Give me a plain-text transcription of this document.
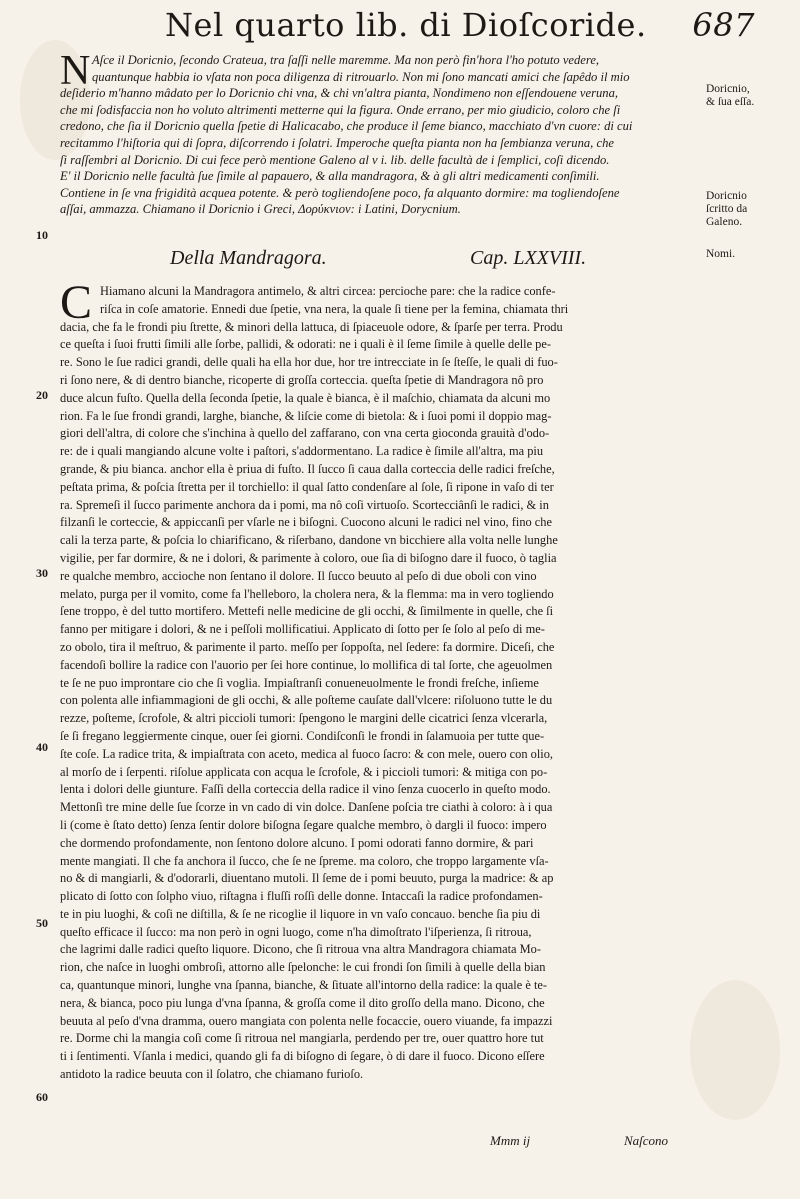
Nel quarto lib. di Dioſcoride. 687
N Aſce il Doricnio, ſecondo Crateua, tra ſaſſi nelle maremme. Ma non però fin'hora l'ho potuto vedere,
quantunque habbia io vſata non poca diligenza di ritrouarlo. Non mi ſono mancati amici che ſapêdo il mio
deſiderio m'hanno mâdato per lo Doricnio chi vna, & chi vn'altra pianta, Nondimeno non eſſendouene veruna,
che mi ſodisfaccia non ho voluto altrimenti metterne qui la figura. Onde errano, per mio giudicio, coloro che ſi
credono, che ſia il Doricnio quella ſpetie di Halicacabo, che produce il ſeme bianco, macchiato d'vn cuore: di cui
recitammo l'hiſtoria qui di ſopra, diſcorrendo i ſolatri. Imperoche queſta pianta non ha ſembianza veruna, che
ſi raſſembri al Doricnio. Di cui fece però mentione Galeno al v i. lib. delle facultà de i ſemplici, coſi dicendo.
E' il Doricnio nelle facultà ſue ſimile al papauero, & alla mandragora, & à gli altri medicamenti conſimili.
Contiene in ſe vna frigidità acquea potente. & però togliendoſene poco, fa alquanto dormire: ma togliendoſene
aſſai, ammazza. Chiamano il Doricnio i Greci, Δορύκνιον: i Latini, Dorycnium.
Doricnio,
& ſua eſſa.
Doricnio
ſcritto da
Galeno.
Nomi.
10
20
30
40
50
60
Della Mandragora.	Cap. LXXVIII.
C Hiamano alcuni la Mandragora antimelo, & altri circea: percioche pare: che la radice confe-
riſca in coſe amatorie. Ennedi due ſpetie, vna nera, la quale ſi tiene per la femina, chiamata thri
dacia, che fa le frondi piu ſtrette, & minori della lattuca, di ſpiaceuole odore, & ſparſe per terra. Produ
ce queſta i ſuoi frutti ſimili alle ſorbe, pallidi, & odorati: ne i quali è il ſeme ſimile à quelle delle pe-
re. Sono le ſue radici grandi, delle quali ha ella hor due, hor tre intrecciate in ſe ſteſſe, le quali di fuo-
ri ſono nere, & di dentro bianche, ricoperte di groſſa corteccia. queſta ſpetie di Mandragora nô pro
duce alcun fuſto. Quella della ſeconda ſpetie, la quale è bianca, è il maſchio, chiamata da alcuni mo
rion. Fa le ſue frondi grandi, larghe, bianche, & liſcie come di bietola: & i ſuoi pomi il doppio mag-
giori dell'altra, di colore che s'inchina à quello del zaffarano, con vna certa gioconda grauità d'odo-
re: de i quali mangiando alcune volte i paſtori, s'addormentano. La radice è ſimile all'altra, ma piu
grande, & piu bianca. anchor ella è priua di fuſto. Il ſucco ſi caua dalla corteccia delle radici freſche,
peſtata prima, & poſcia ſtretta per il torchiello: il qual ſatto condenſare al ſole, ſi ripone in vaſo di ter
ra. Spremeſi il ſucco parimente anchora da i pomi, ma nô coſi virtuoſo. Scortecciânſi le radici, & in
filzanſi le corteccie, & appiccanſi per vſarle ne i biſogni. Cuocono alcuni le radici nel vino, fino che
cali la terza parte, & poſcia lo chiarificano, & riſerbano, dandone vn bicchiere alla volta nelle lunghe
vigilie, per far dormire, & ne i dolori, & parimente à coloro, oue ſia di biſogno dare il fuoco, ò taglia
re qualche membro, accioche non ſentano il dolore. Il ſucco beuuto al peſo di due oboli con vino
melato, purga per il vomito, come fa l'helleboro, la cholera nera, & la flemma: ma in vero togliendo
ſene troppo, è del tutto mortifero. Mettefi nelle medicine de gli occhi, & ſimilmente in quelle, che ſi
fanno per mitigare i dolori, & ne i peſſoli mollificatiui. Applicato di ſotto per ſe ſolo al peſo di me-
zo obolo, tira il meſtruo, & parimente il parto. meſſo per ſoppoſta, nel ſedere: fa dormire. Diceſi, che
facendoſi bollire la radice con l'auorio per ſei hore continue, lo mollifica di tal ſorte, che ageuolmen
te ſe ne puo improntare cio che ſi voglia. Impiaſtranſi conueneuolmente le frondi freſche, inſieme
con polenta alle infiammagioni de gli occhi, & alle poſteme cauſate dall'vlcere: riſoluono tutte le du
rezze, poſteme, ſcrofole, & altri piccioli tumori: ſpengono le margini delle cicatrici ſenza vlcerarla,
ſe ſi fregano leggiermente cinque, ouer ſei giorni. Condiſconſi le frondi in ſalamuoia per tutte que-
ſte coſe. La radice trita, & impiaſtrata con aceto, medica al fuoco ſacro: & con mele, ouero con olio,
al morſo de i ſerpenti. riſolue applicata con acqua le ſcrofole, & i piccioli tumori: & mitiga con po-
lenta i dolori delle giunture. Faſſi della corteccia della radice il vino ſenza cuocerlo in queſto modo.
Mettonſi tre mine delle ſue ſcorze in vn cado di vin dolce. Danſene poſcia tre ciathi à coloro: à i qua
li (come è ſtato detto) ſenza ſentir dolore biſogna ſegare qualche membro, ò dargli il fuoco: impero
che dormendo profondamente, non ſentono dolore alcuno. I pomi odorati fanno dormire, & pari
mente mangiati. Il che fa anchora il ſucco, che ſe ne ſpreme. ma coloro, che troppo largamente vſa-
no & di mangiarli, & d'odorarli, diuentano mutoli. Il ſeme de i pomi beuuto, purga la madrice: & ap
plicato di ſotto con ſolpho viuo, riſtagna i fluſſi roſſi delle donne. Intaccaſi la radice profondamen-
te in piu luoghi, & coſi ne diſtilla, & ſe ne ricoglie il liquore in vn vaſo concauo. benche ſia piu di
queſto efficace il ſucco: ma non però in ogni luogo, come n'ha dimoſtrato l'iſperienza, ſi ritroua,
che lagrimi dalle radici queſto liquore. Dicono, che ſi ritroua vna altra Mandragora chiamata Mo-
rion, che naſce in luoghi ombroſi, attorno alle ſpelonche: le cui frondi ſon ſimili à quelle della bian
ca, quantunque minori, lunghe vna ſpanna, bianche, & ſituate all'intorno della radice: la quale è te-
nera, & bianca, poco piu lunga d'vna ſpanna, & groſſa come il dito groſſo della mano. Dicono, che
beuuta al peſo d'vna dramma, ouero mangiata con polenta nelle focaccie, ouero viuande, fa impazzi
re. Dorme chi la mangia coſi come ſi ritroua nel mangiarla, perdendo per tre, ouer quattro hore tut
ti i ſentimenti. Vſanla i medici, quando gli fa di biſogno di ſegare, ò di dare il fuoco. Dicono eſſere
antidoto la radice beuuta con il ſolatro, che chiamano furioſo.
Mmm ij	Naſcono
